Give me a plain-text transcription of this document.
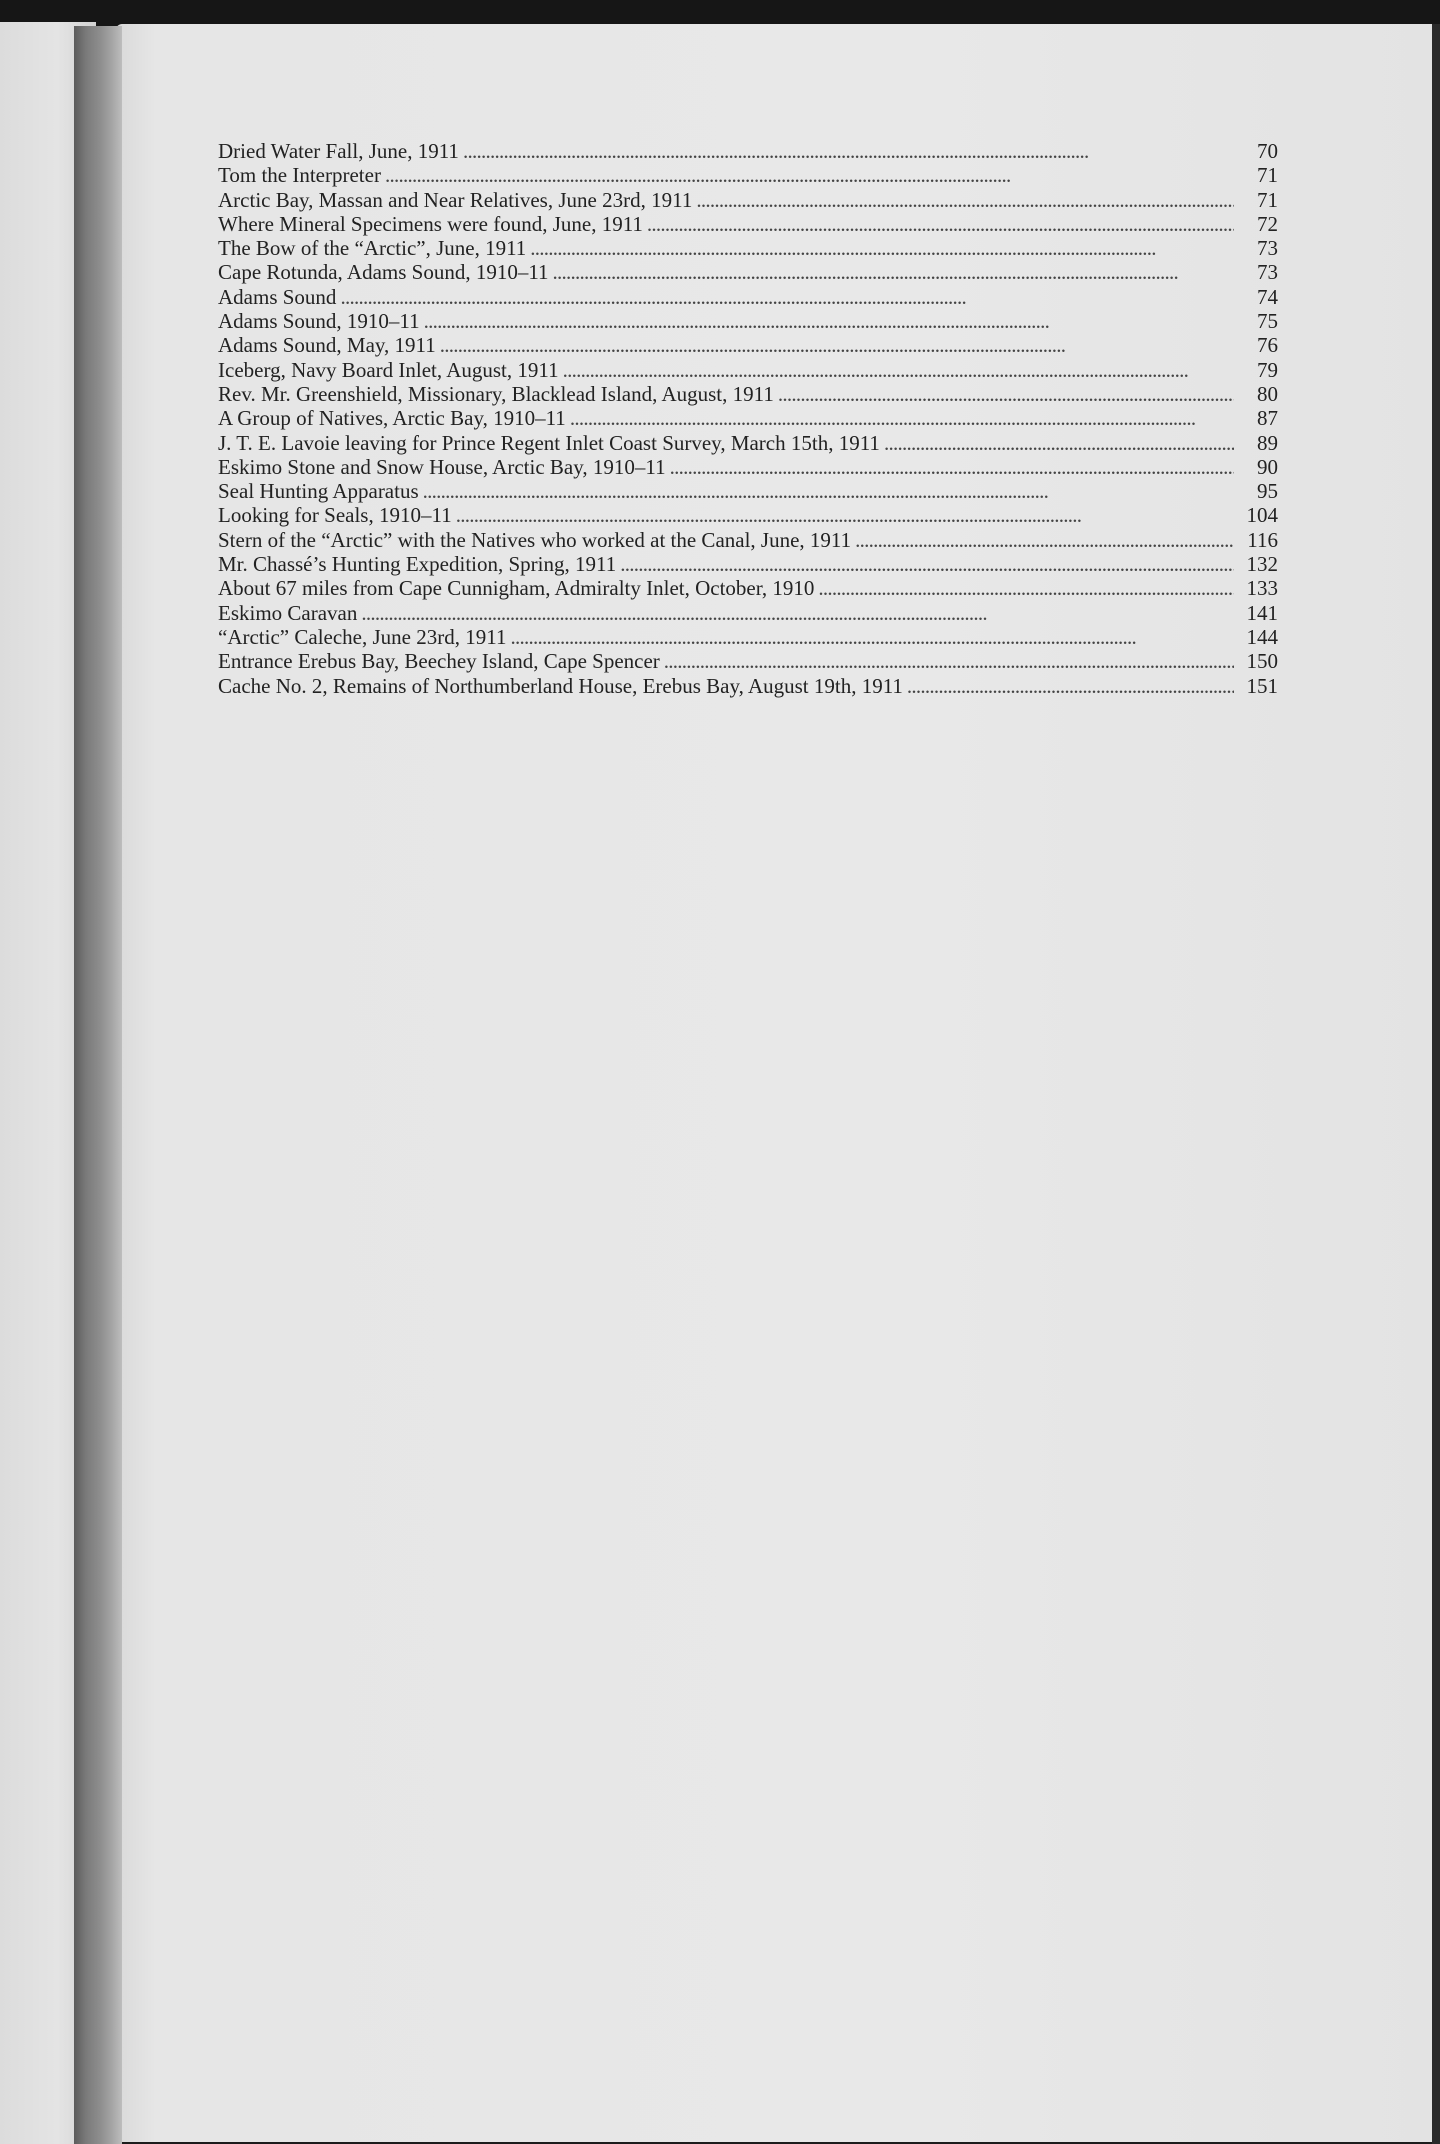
Dried Water Fall, June, 1911 . . .	70
Tom the Interpreter . . .	71
Arctic Bay, Massan and Near Relatives, June 23rd, 1911 . . .	71
Where Mineral Specimens were found, June, 1911 . . .	72
The Bow of the “Arctic”, June, 1911 . . .	73
Cape Rotunda, Adams Sound, 1910–11 . . .	73
Adams Sound . . .	74
Adams Sound, 1910–11 . . .	75
Adams Sound, May, 1911 . . .	76
Iceberg, Navy Board Inlet, August, 1911 . . .	79
Rev. Mr. Greenshield, Missionary, Blacklead Island, August, 1911 . . .	80
A Group of Natives, Arctic Bay, 1910–11 . . .	87
J. T. E. Lavoie leaving for Prince Regent Inlet Coast Survey, March 15th, 1911 . . .	89
Eskimo Stone and Snow House, Arctic Bay, 1910–11 . . .	90
Seal Hunting Apparatus . . .	95
Looking for Seals, 1910–11 . . .	104
Stern of the “Arctic” with the Natives who worked at the Canal, June, 1911 . . .	116
Mr. Chassé’s Hunting Expedition, Spring, 1911 . . .	132
About 67 miles from Cape Cunnigham, Admiralty Inlet, October, 1910 . . .	133
Eskimo Caravan . . .	141
“Arctic” Caleche, June 23rd, 1911 . . .	144
Entrance Erebus Bay, Beechey Island, Cape Spencer . . .	150
Cache No. 2, Remains of Northumberland House, Erebus Bay, August 19th, 1911 . . .	151
